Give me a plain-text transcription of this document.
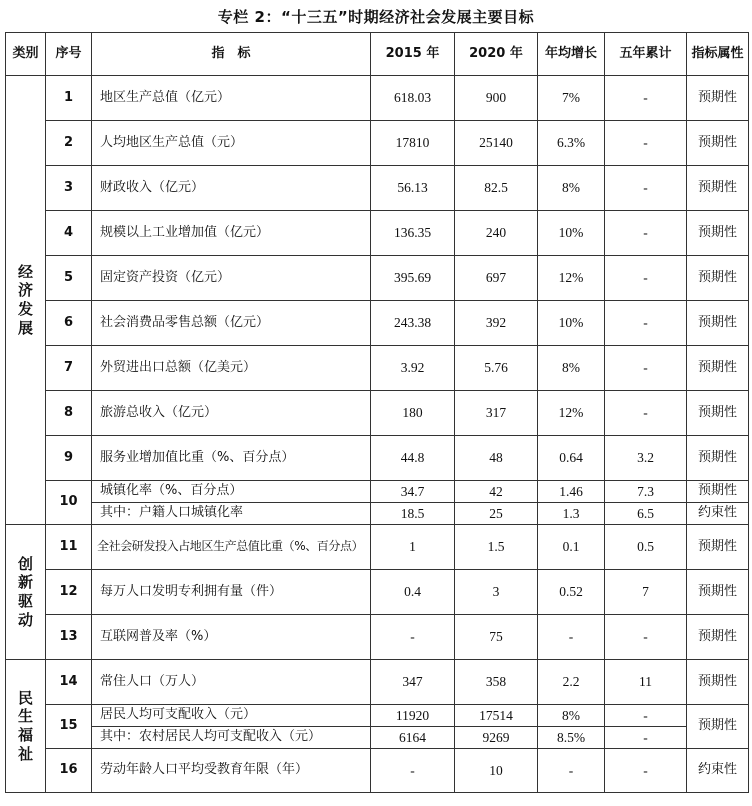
专栏 2：“十三五”时期经济社会发展主要目标
类别	序号	指　标	2015 年	2020 年	年均增长	五年累计	指标属性

经济发展	1	地区生产总值（亿元）	618.03	900	7%	-	预期性
	2	人均地区生产总值（元）	17810	25140	6.3%	-	预期性
	3	财政收入（亿元）	56.13	82.5	8%	-	预期性
	4	规模以上工业增加值（亿元）	136.35	240	10%	-	预期性
	5	固定资产投资（亿元）	395.69	697	12%	-	预期性
	6	社会消费品零售总额（亿元）	243.38	392	10%	-	预期性
	7	外贸进出口总额（亿美元）	3.92	5.76	8%	-	预期性
	8	旅游总收入（亿元）	180	317	12%	-	预期性
	9	服务业增加值比重（%、百分点）	44.8	48	0.64	3.2	预期性
	10	城镇化率（%、百分点）	34.7	42	1.46	7.3	预期性
		其中：户籍人口城镇化率	18.5	25	1.3	6.5	约束性

创新驱动	11	全社会研发投入占地区生产总值比重（%、百分点）	1	1.5	0.1	0.5	预期性
	12	每万人口发明专利拥有量（件）	0.4	3	0.52	7	预期性
	13	互联网普及率（%）	-	75	-	-	预期性

民生福祉	14	常住人口（万人）	347	358	2.2	11	预期性
	15	居民人均可支配收入（元）	11920	17514	8%	-	预期性
		其中：农村居民人均可支配收入（元）	6164	9269	8.5%	-	
	16	劳动年龄人口平均受教育年限（年）	-	10	-	-	约束性
